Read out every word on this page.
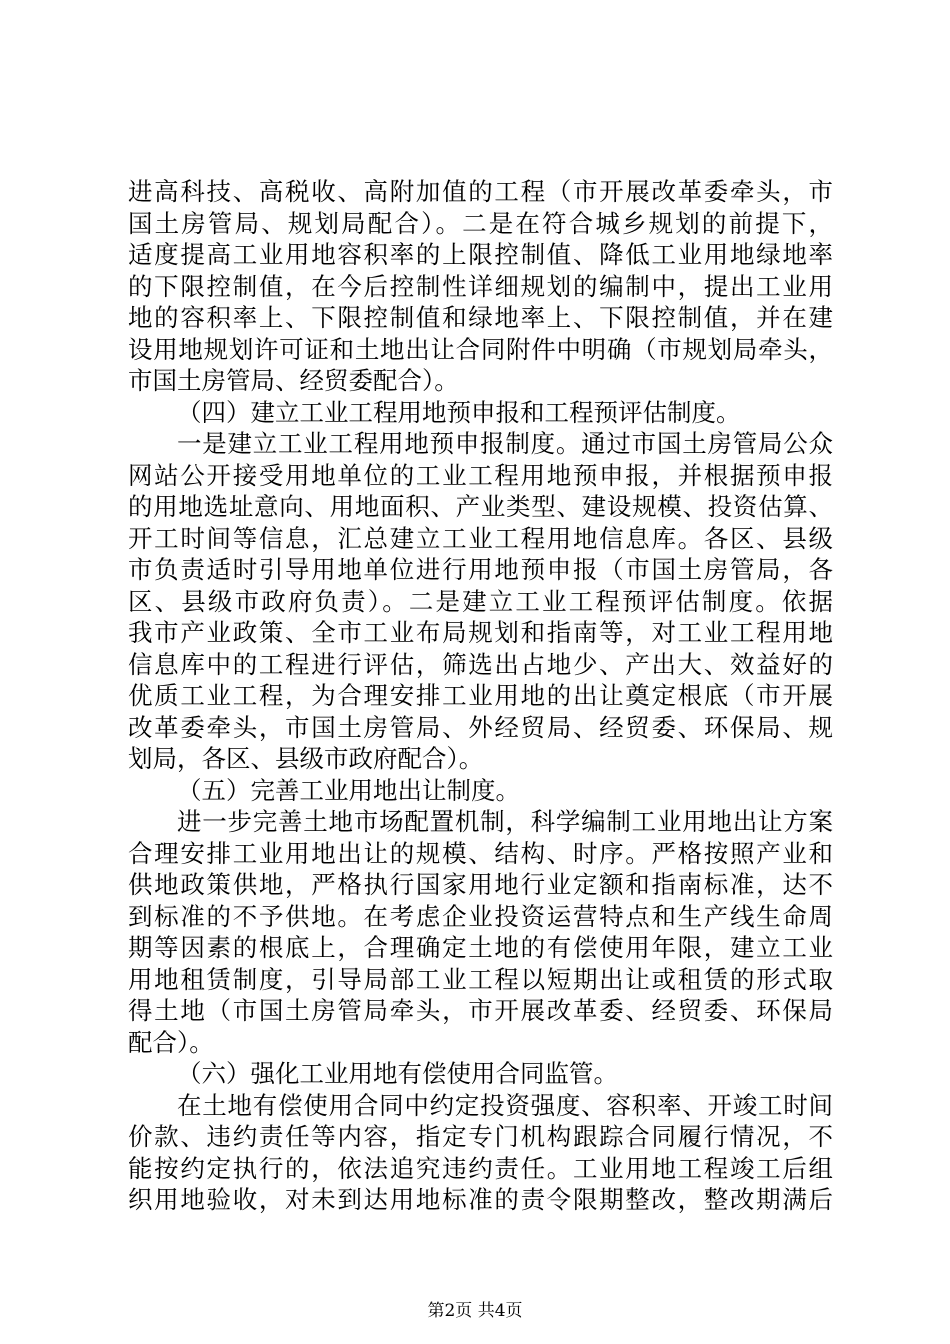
进高科技、高税收、高附加值的工程（市开展改革委牵头，市
国土房管局、规划局配合）。二是在符合城乡规划的前提下，
适度提高工业用地容积率的上限控制值、降低工业用地绿地率
的下限控制值，在今后控制性详细规划的编制中，提出工业用
地的容积率上、下限控制值和绿地率上、下限控制值，并在建
设用地规划许可证和土地出让合同附件中明确（市规划局牵头，
市国土房管局、经贸委配合）。
（四）建立工业工程用地预申报和工程预评估制度。
一是建立工业工程用地预申报制度。通过市国土房管局公众
网站公开接受用地单位的工业工程用地预申报，并根据预申报
的用地选址意向、用地面积、产业类型、建设规模、投资估算、
开工时间等信息，汇总建立工业工程用地信息库。各区、县级
市负责适时引导用地单位进行用地预申报（市国土房管局，各
区、县级市政府负责）。二是建立工业工程预评估制度。依据
我市产业政策、全市工业布局规划和指南等，对工业工程用地
信息库中的工程进行评估，筛选出占地少、产出大、效益好的
优质工业工程，为合理安排工业用地的出让奠定根底（市开展
改革委牵头，市国土房管局、外经贸局、经贸委、环保局、规
划局，各区、县级市政府配合）。
（五）完善工业用地出让制度。
进一步完善土地市场配置机制，科学编制工业用地出让方案
合理安排工业用地出让的规模、结构、时序。严格按照产业和
供地政策供地，严格执行国家用地行业定额和指南标准，达不
到标准的不予供地。在考虑企业投资运营特点和生产线生命周
期等因素的根底上，合理确定土地的有偿使用年限，建立工业
用地租赁制度，引导局部工业工程以短期出让或租赁的形式取
得土地（市国土房管局牵头，市开展改革委、经贸委、环保局
配合）。
（六）强化工业用地有偿使用合同监管。
在土地有偿使用合同中约定投资强度、容积率、开竣工时间
价款、违约责任等内容，指定专门机构跟踪合同履行情况，不
能按约定执行的，依法追究违约责任。工业用地工程竣工后组
织用地验收，对未到达用地标准的责令限期整改，整改期满后
第2页 共4页
